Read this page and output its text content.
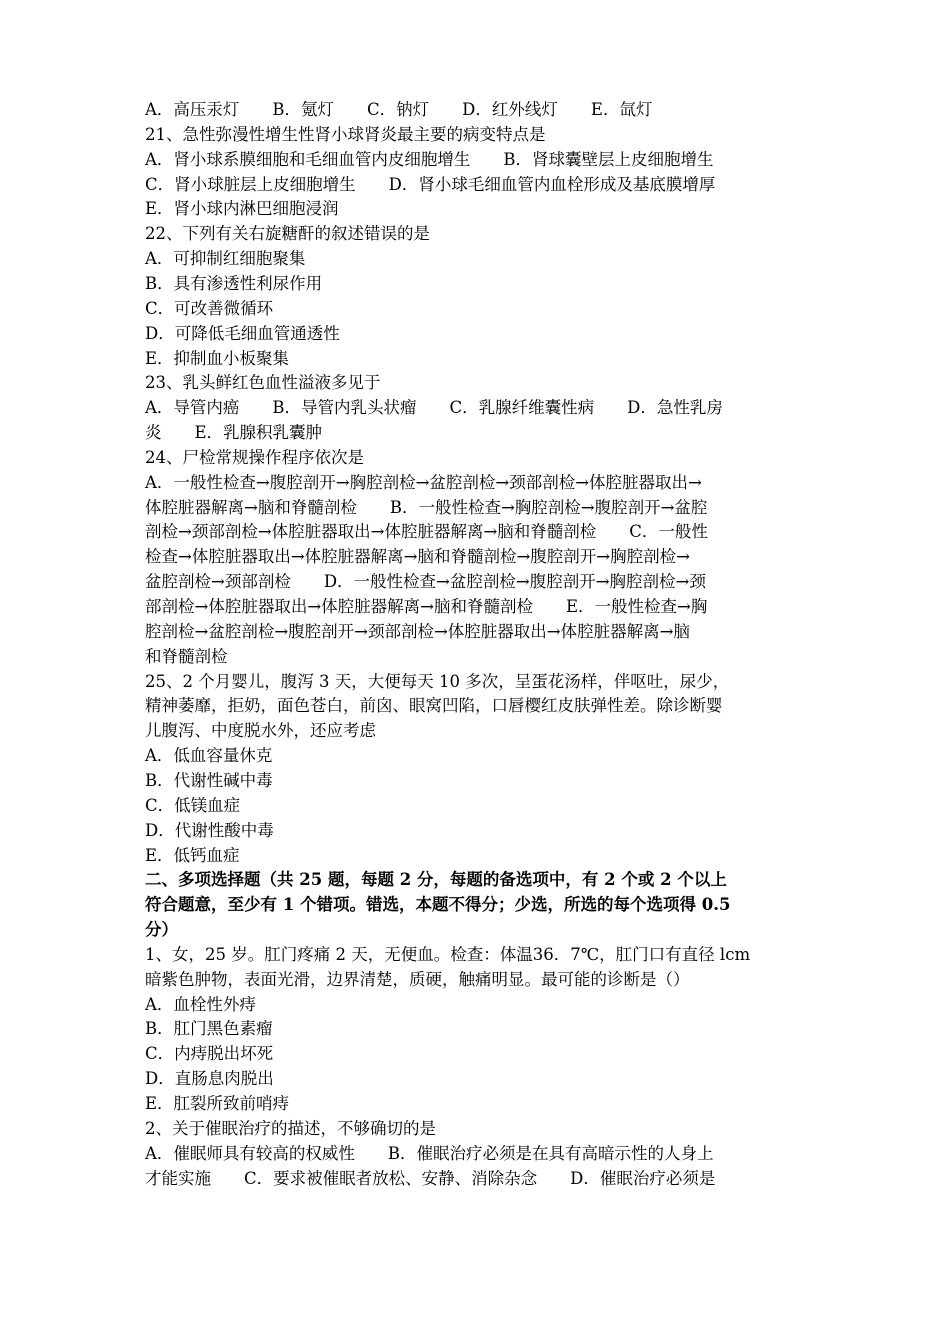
A．高压汞灯　　B．氪灯　　C．钠灯　　D．红外线灯　　E．氙灯
21、急性弥漫性增生性肾小球肾炎最主要的病变特点是
A．肾小球系膜细胞和毛细血管内皮细胞增生　　B．肾球囊壁层上皮细胞增生
C．肾小球脏层上皮细胞增生　　D．肾小球毛细血管内血栓形成及基底膜增厚
E．肾小球内淋巴细胞浸润
22、下列有关右旋糖酐的叙述错误的是
A．可抑制红细胞聚集
B．具有渗透性利尿作用
C．可改善微循环
D．可降低毛细血管通透性
E．抑制血小板聚集
23、乳头鲜红色血性溢液多见于
A．导管内癌　　B．导管内乳头状瘤　　C．乳腺纤维囊性病　　D．急性乳房
炎　　E．乳腺积乳囊肿
24、尸检常规操作程序依次是
A．一般性检查→腹腔剖开→胸腔剖检→盆腔剖检→颈部剖检→体腔脏器取出→
体腔脏器解离→脑和脊髓剖检　　B．一般性检查→胸腔剖检→腹腔剖开→盆腔
剖检→颈部剖检→体腔脏器取出→体腔脏器解离→脑和脊髓剖检　　C．一般性
检查→体腔脏器取出→体腔脏器解离→脑和脊髓剖检→腹腔剖开→胸腔剖检→
盆腔剖检→颈部剖检　　D．一般性检查→盆腔剖检→腹腔剖开→胸腔剖检→颈
部剖检→体腔脏器取出→体腔脏器解离→脑和脊髓剖检　　E．一般性检查→胸
腔剖检→盆腔剖检→腹腔剖开→颈部剖检→体腔脏器取出→体腔脏器解离→脑
和脊髓剖检
25、2 个月婴儿，腹泻 3 天，大便每天 10 多次，呈蛋花汤样，伴呕吐，尿少，
精神萎靡，拒奶，面色苍白，前囟、眼窝凹陷，口唇樱红皮肤弹性差。除诊断婴
儿腹泻、中度脱水外，还应考虑
A．低血容量休克
B．代谢性碱中毒
C．低镁血症
D．代谢性酸中毒
E．低钙血症
二、多项选择题（共 25 题，每题 2 分，每题的备选项中，有 2 个或 2 个以上
符合题意，至少有 1 个错项。错选，本题不得分；少选，所选的每个选项得 0.5
分）
1、女，25 岁。肛门疼痛 2 天，无便血。检查：体温36．7℃，肛门口有直径 lcm
暗紫色肿物，表面光滑，边界清楚，质硬，触痛明显。最可能的诊断是（）
A．血栓性外痔
B．肛门黑色素瘤
C．内痔脱出坏死
D．直肠息肉脱出
E．肛裂所致前哨痔
2、关于催眠治疗的描述，不够确切的是
A．催眠师具有较高的权威性　　B．催眠治疗必须是在具有高暗示性的人身上
才能实施　　C．要求被催眠者放松、安静、消除杂念　　D．催眠治疗必须是
